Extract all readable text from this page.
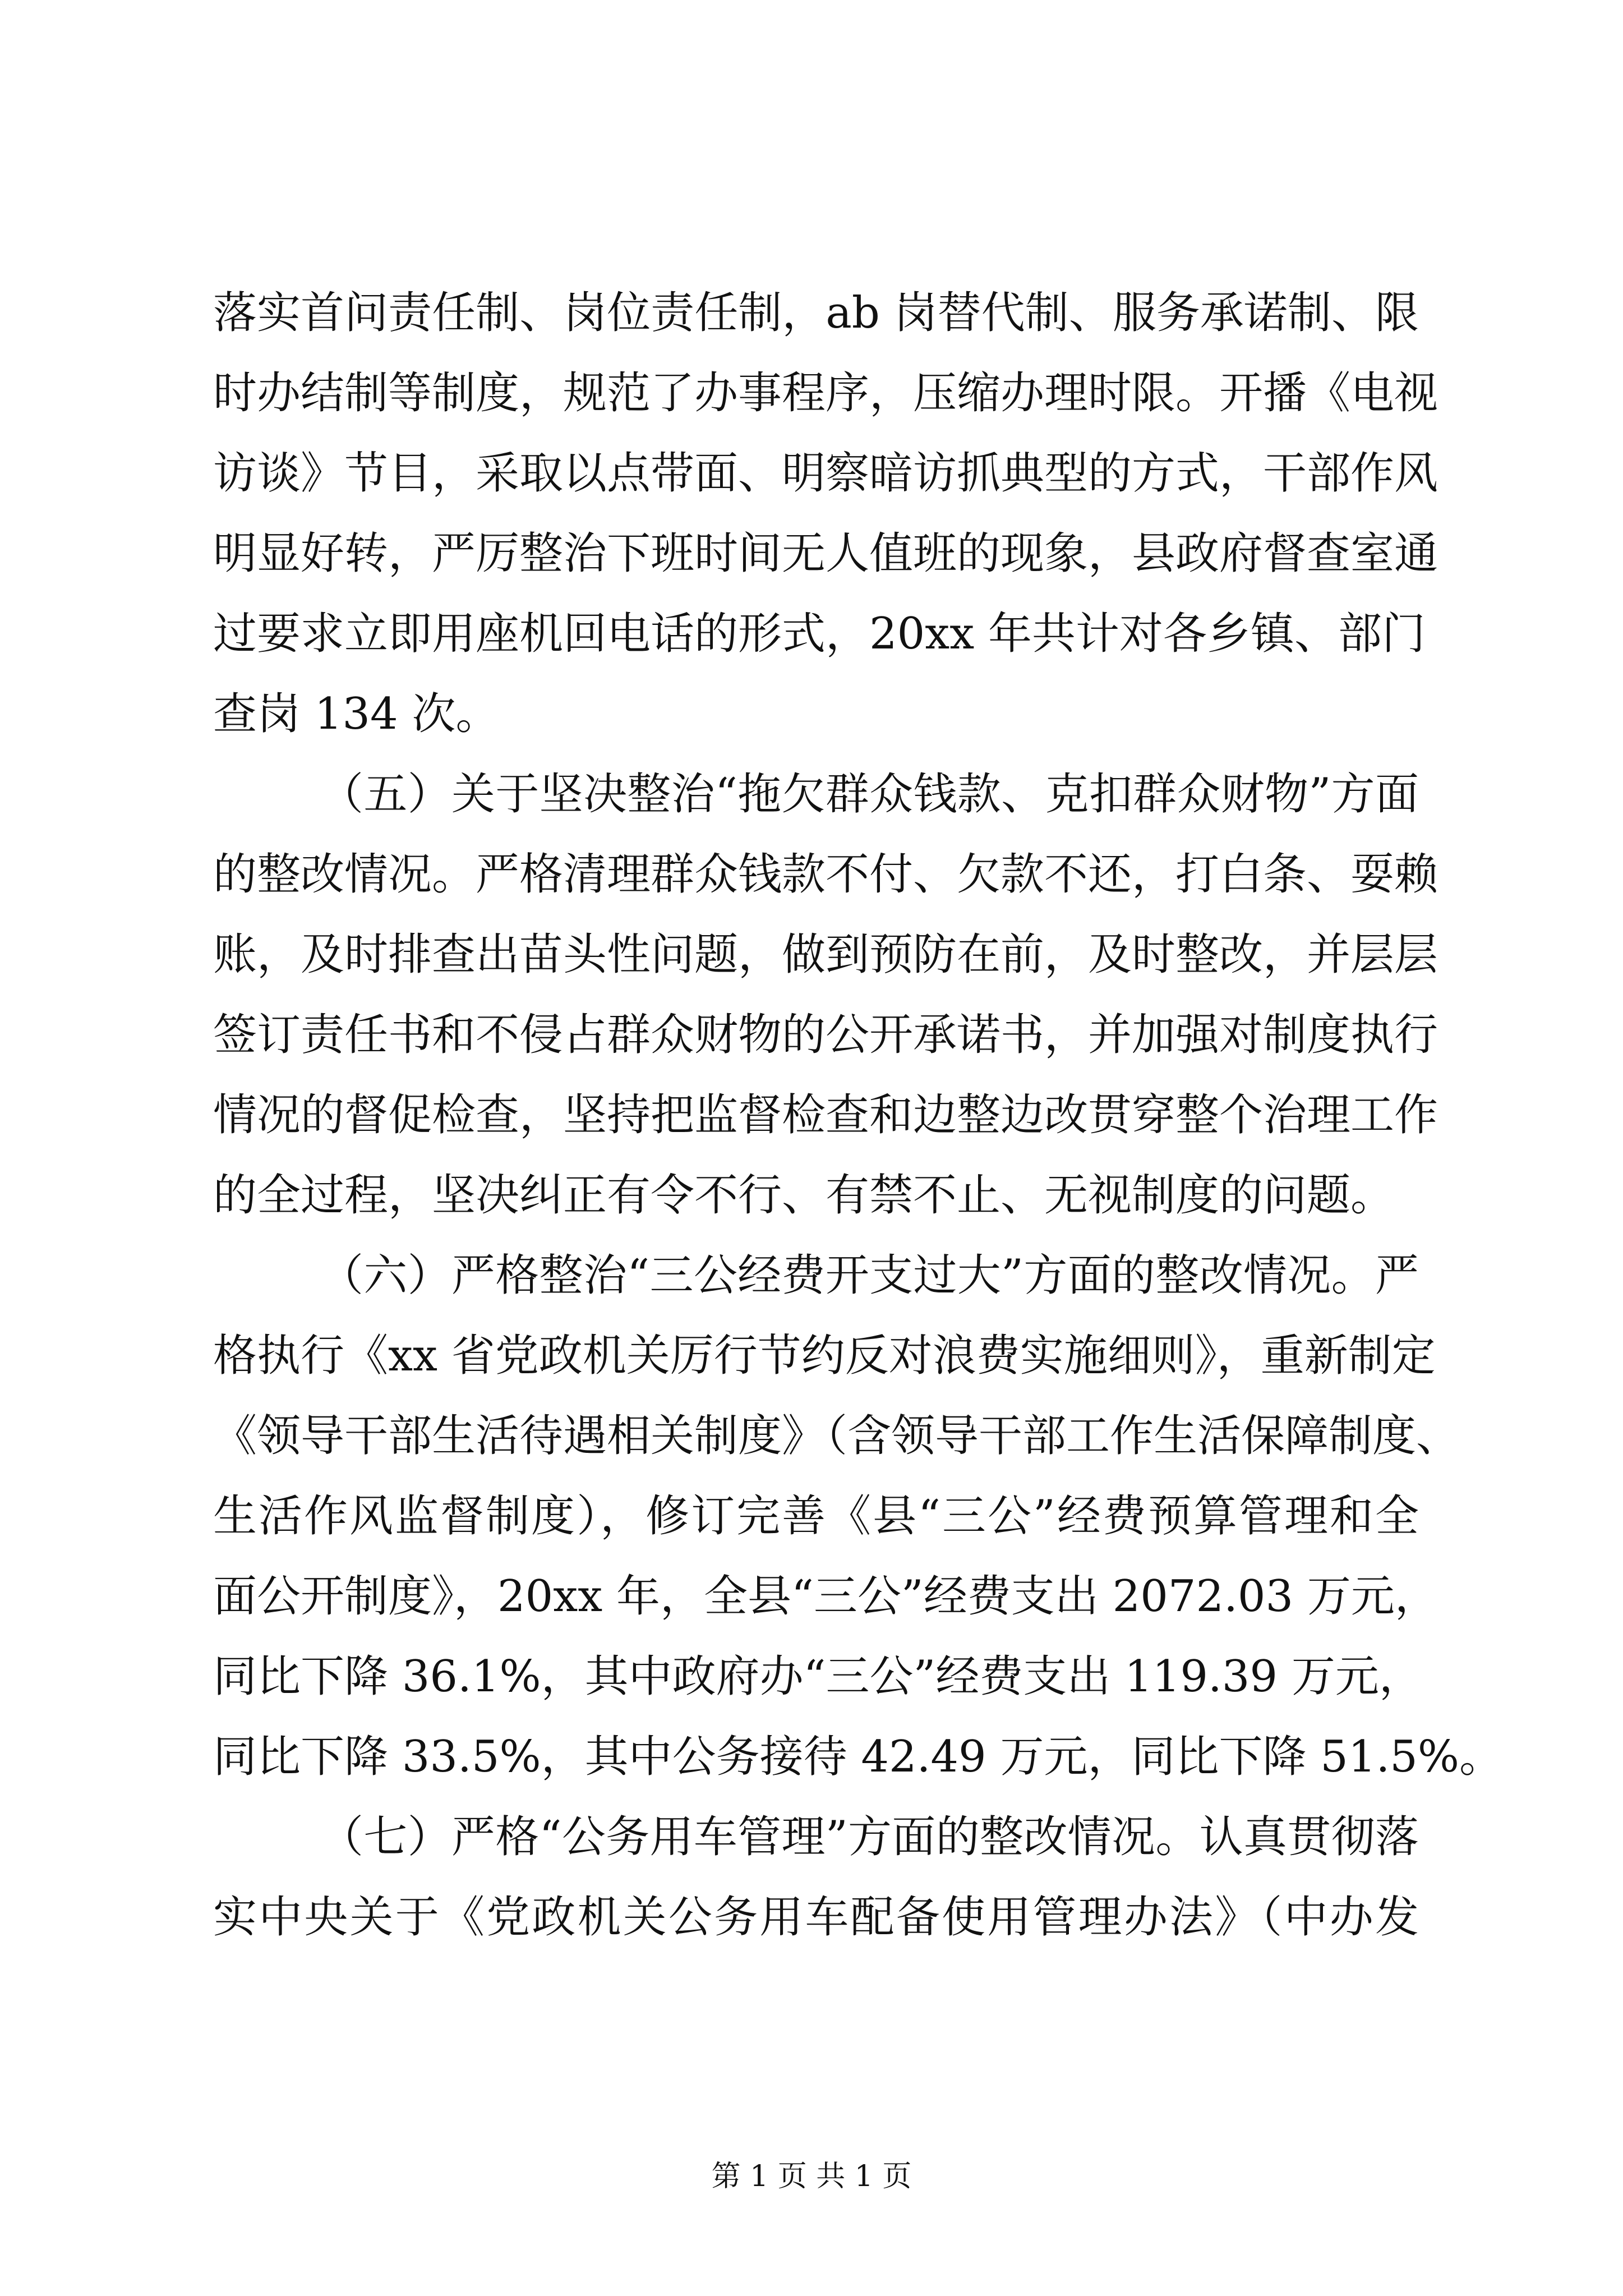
落实首问责任制、岗位责任制，ab 岗替代制、服务承诺制、限
时办结制等制度，规范了办事程序，压缩办理时限。开播《电视
访谈》节目，采取以点带面、明察暗访抓典型的方式，干部作风
明显好转，严厉整治下班时间无人值班的现象，县政府督查室通
过要求立即用座机回电话的形式，20xx 年共计对各乡镇、部门
查岗 134 次。
（五）关于坚决整治“拖欠群众钱款、克扣群众财物”方面
的整改情况。严格清理群众钱款不付、欠款不还，打白条、耍赖
账，及时排查出苗头性问题，做到预防在前，及时整改，并层层
签订责任书和不侵占群众财物的公开承诺书，并加强对制度执行
情况的督促检查，坚持把监督检查和边整边改贯穿整个治理工作
的全过程，坚决纠正有令不行、有禁不止、无视制度的问题。
（六）严格整治“三公经费开支过大”方面的整改情况。严
格执行《xx 省党政机关厉行节约反对浪费实施细则》，重新制定
《领导干部生活待遇相关制度》（含领导干部工作生活保障制度、
生活作风监督制度），修订完善《县“三公”经费预算管理和全
面公开制度》，20xx 年，全县“三公”经费支出 2072.03 万元，
同比下降 36.1%，其中政府办“三公”经费支出 119.39 万元，
同比下降 33.5%，其中公务接待 42.49 万元，同比下降 51.5%。
（七）严格“公务用车管理”方面的整改情况。认真贯彻落
实中央关于《党政机关公务用车配备使用管理办法》（中办发
第 1 页 共 1 页
